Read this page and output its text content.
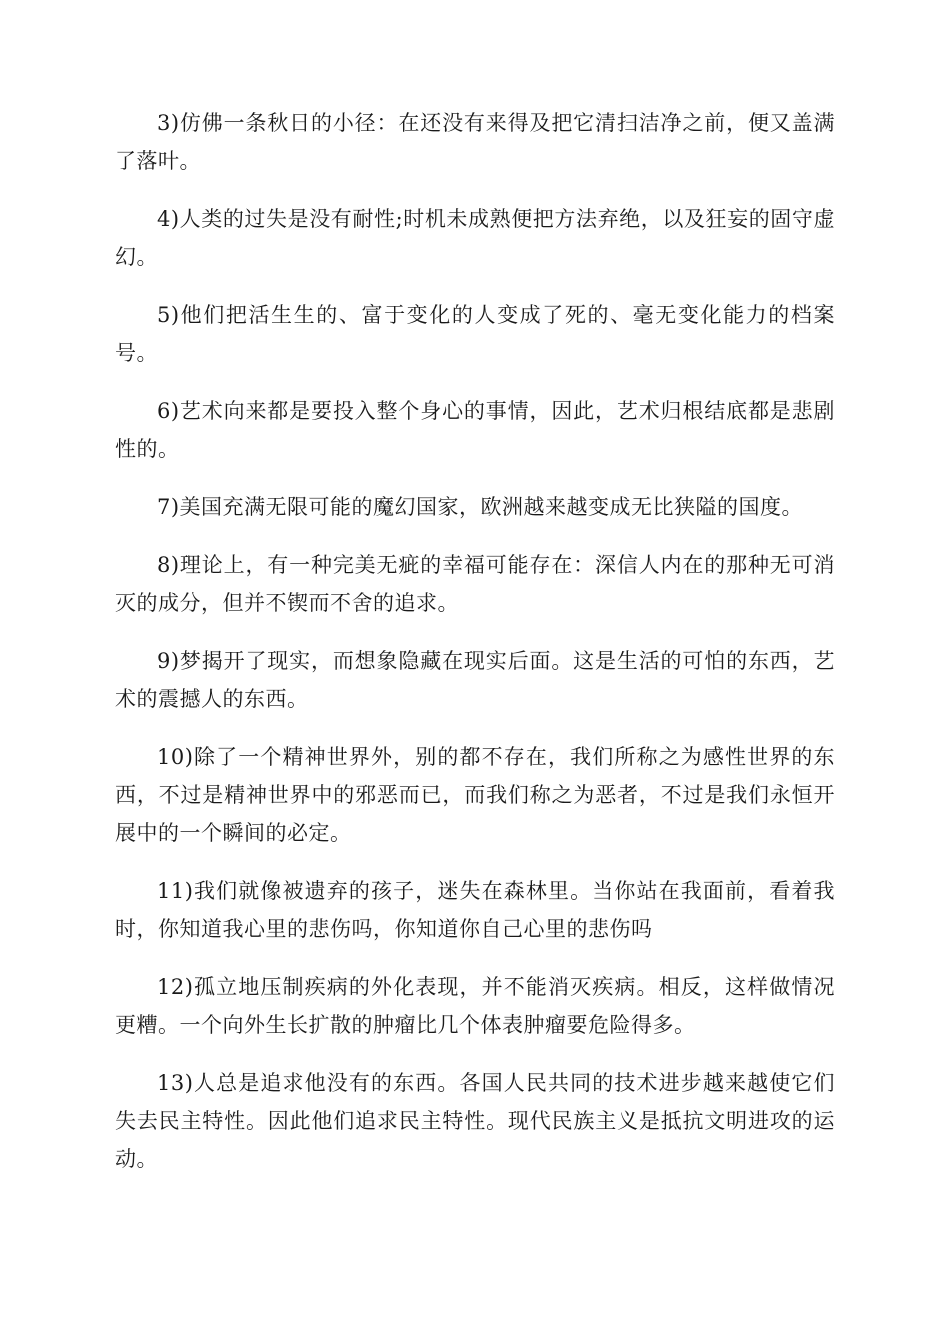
3)仿佛一条秋日的小径：在还没有来得及把它清扫洁净之前，便又盖满了落叶。

4)人类的过失是没有耐性;时机未成熟便把方法弃绝，以及狂妄的固守虚幻。

5)他们把活生生的、富于变化的人变成了死的、毫无变化能力的档案号。

6)艺术向来都是要投入整个身心的事情，因此，艺术归根结底都是悲剧性的。

7)美国充满无限可能的魔幻国家，欧洲越来越变成无比狭隘的国度。

8)理论上，有一种完美无疵的幸福可能存在：深信人内在的那种无可消灭的成分，但并不锲而不舍的追求。

9)梦揭开了现实，而想象隐藏在现实后面。这是生活的可怕的东西，艺术的震撼人的东西。

10)除了一个精神世界外，别的都不存在，我们所称之为感性世界的东西，不过是精神世界中的邪恶而已，而我们称之为恶者，不过是我们永恒开展中的一个瞬间的必定。

11)我们就像被遗弃的孩子，迷失在森林里。当你站在我面前，看着我时，你知道我心里的悲伤吗，你知道你自己心里的悲伤吗

12)孤立地压制疾病的外化表现，并不能消灭疾病。相反，这样做情况更糟。一个向外生长扩散的肿瘤比几个体表肿瘤要危险得多。

13)人总是追求他没有的东西。各国人民共同的技术进步越来越使它们失去民主特性。因此他们追求民主特性。现代民族主义是抵抗文明进攻的运动。
